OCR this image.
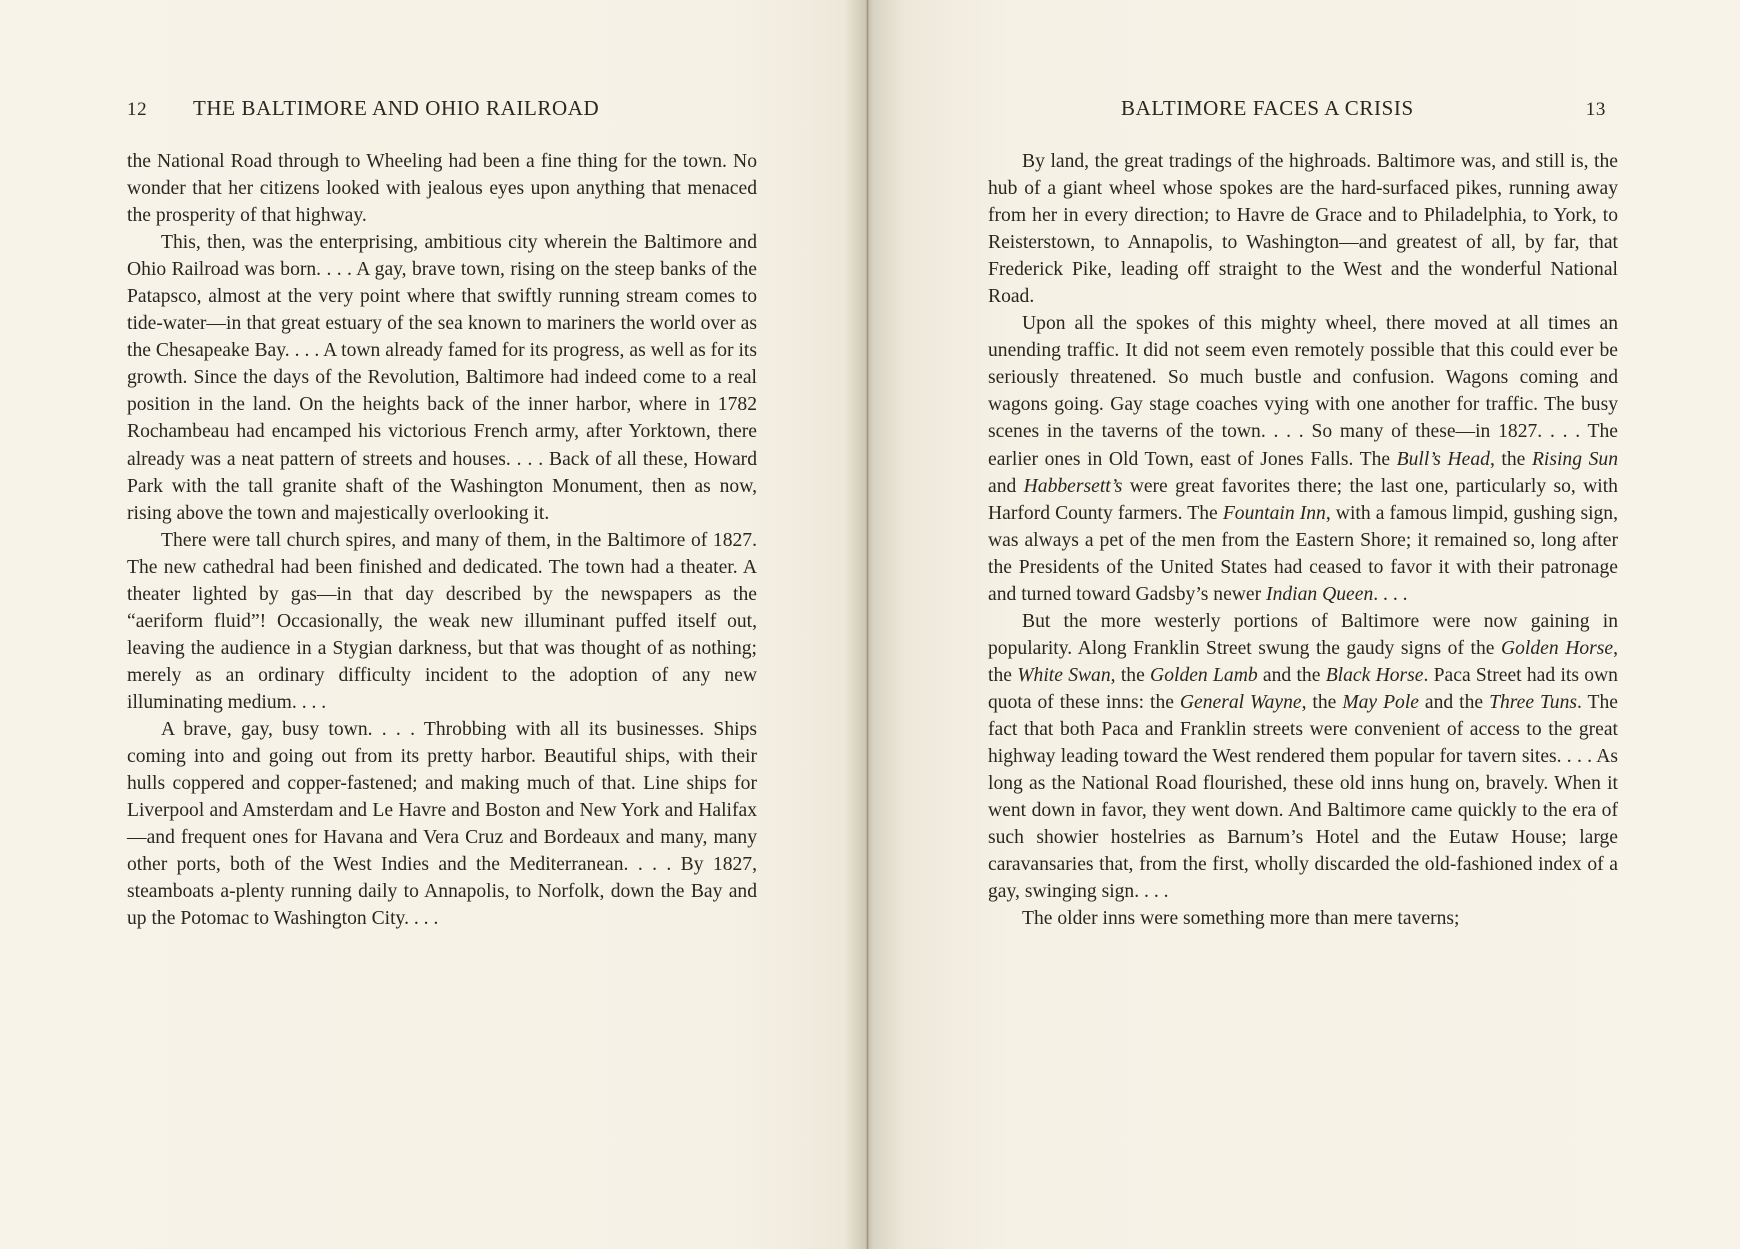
12	THE BALTIMORE AND OHIO RAILROAD

the National Road through to Wheeling had been a fine thing for the town. No wonder that her citizens looked with jealous eyes upon anything that menaced the prosperity of that highway.

This, then, was the enterprising, ambitious city wherein the Baltimore and Ohio Railroad was born. . . . A gay, brave town, rising on the steep banks of the Patapsco, almost at the very point where that swiftly running stream comes to tide-water—in that great estuary of the sea known to mariners the world over as the Chesapeake Bay. . . . A town already famed for its progress, as well as for its growth. Since the days of the Revolution, Baltimore had indeed come to a real position in the land. On the heights back of the inner harbor, where in 1782 Rochambeau had encamped his victorious French army, after Yorktown, there already was a neat pattern of streets and houses. . . . Back of all these, Howard Park with the tall granite shaft of the Washington Monument, then as now, rising above the town and majestically overlooking it.

There were tall church spires, and many of them, in the Baltimore of 1827. The new cathedral had been finished and dedicated. The town had a theater. A theater lighted by gas—in that day described by the newspapers as the “aeriform fluid”! Occasionally, the weak new illuminant puffed itself out, leaving the audience in a Stygian darkness, but that was thought of as nothing; merely as an ordinary difficulty incident to the adoption of any new illuminating medium. . . .

A brave, gay, busy town. . . . Throbbing with all its businesses. Ships coming into and going out from its pretty harbor. Beautiful ships, with their hulls coppered and copper-fastened; and making much of that. Line ships for Liverpool and Amsterdam and Le Havre and Boston and New York and Halifax—and frequent ones for Havana and Vera Cruz and Bordeaux and many, many other ports, both of the West Indies and the Mediterranean. . . . By 1827, steamboats a-plenty running daily to Annapolis, to Norfolk, down the Bay and up the Potomac to Washington City. . . .

BALTIMORE FACES A CRISIS	13

By land, the great tradings of the highroads. Baltimore was, and still is, the hub of a giant wheel whose spokes are the hard-surfaced pikes, running away from her in every direction; to Havre de Grace and to Philadelphia, to York, to Reisterstown, to Annapolis, to Washington—and greatest of all, by far, that Frederick Pike, leading off straight to the West and the wonderful National Road.

Upon all the spokes of this mighty wheel, there moved at all times an unending traffic. It did not seem even remotely possible that this could ever be seriously threatened. So much bustle and confusion. Wagons coming and wagons going. Gay stage coaches vying with one another for traffic. The busy scenes in the taverns of the town. . . . So many of these—in 1827. . . . The earlier ones in Old Town, east of Jones Falls. The Bull’s Head, the Rising Sun and Habbersett’s were great favorites there; the last one, particularly so, with Harford County farmers. The Fountain Inn, with a famous limpid, gushing sign, was always a pet of the men from the Eastern Shore; it remained so, long after the Presidents of the United States had ceased to favor it with their patronage and turned toward Gadsby’s newer Indian Queen. . . .

But the more westerly portions of Baltimore were now gaining in popularity. Along Franklin Street swung the gaudy signs of the Golden Horse, the White Swan, the Golden Lamb and the Black Horse. Paca Street had its own quota of these inns: the General Wayne, the May Pole and the Three Tuns. The fact that both Paca and Franklin streets were convenient of access to the great highway leading toward the West rendered them popular for tavern sites. . . . As long as the National Road flourished, these old inns hung on, bravely. When it went down in favor, they went down. And Baltimore came quickly to the era of such showier hostelries as Barnum’s Hotel and the Eutaw House; large caravansaries that, from the first, wholly discarded the old-fashioned index of a gay, swinging sign. . . .

The older inns were something more than mere taverns;
